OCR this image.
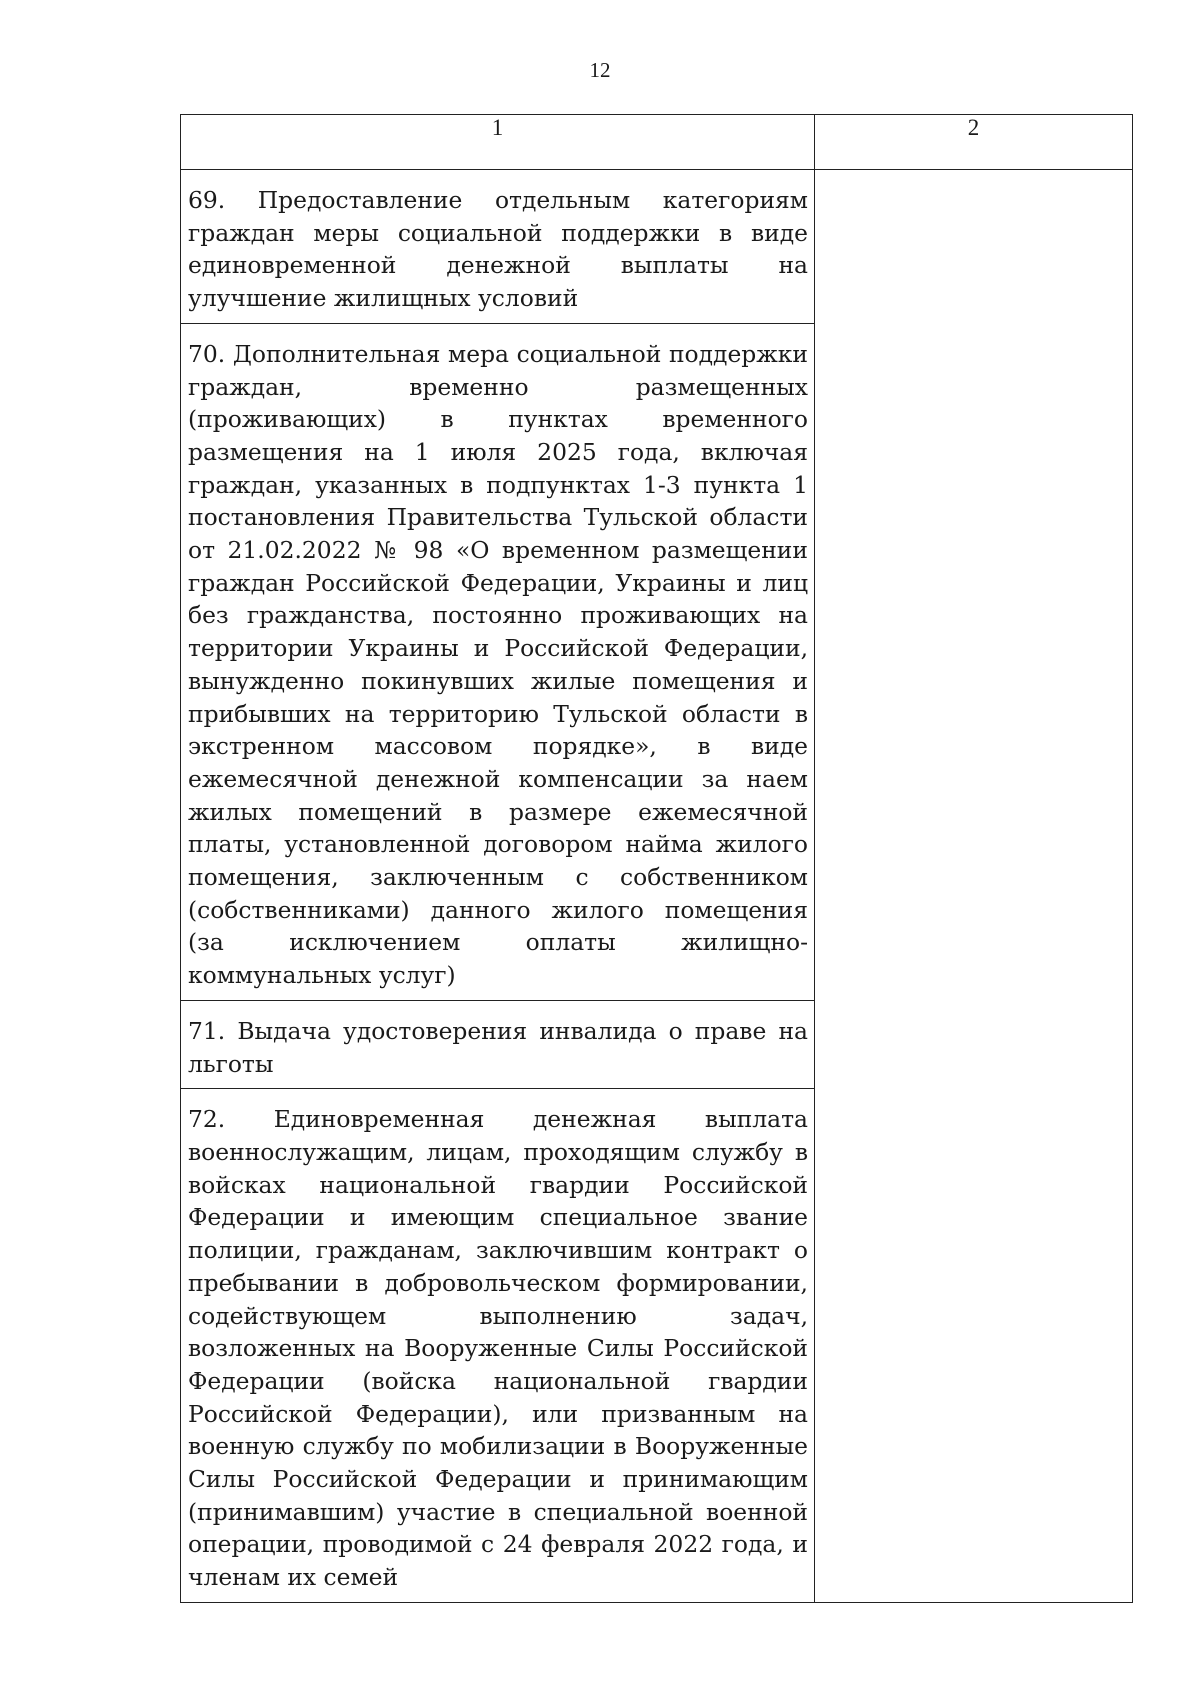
12
1	2
69. Предоставление отдельным категориям граждан меры социальной поддержки в виде единовременной денежной выплаты на улучшение жилищных условий	
70. Дополнительная мера социальной поддержки граждан, временно размещенных (проживающих) в пунктах временного размещения на 1 июля 2025 года, включая граждан, указанных в подпунктах 1-3 пункта 1 постановления Правительства Тульской области от 21.02.2022 № 98 «О временном размещении граждан Российской Федерации, Украины и лиц без гражданства, постоянно проживающих на территории Украины и Российской Федерации, вынужденно покинувших жилые помещения и прибывших на территорию Тульской области в экстренном массовом порядке», в виде ежемесячной денежной компенсации за наем жилых помещений в размере ежемесячной платы, установленной договором найма жилого помещения, заключенным с собственником (собственниками) данного жилого помещения (за исключением оплаты жилищно-коммунальных услуг)	
71. Выдача удостоверения инвалида о праве на льготы	
72. Единовременная денежная выплата военнослужащим, лицам, проходящим службу в войсках национальной гвардии Российской Федерации и имеющим специальное звание полиции, гражданам, заключившим контракт о пребывании в добровольческом формировании, содействующем выполнению задач, возложенных на Вооруженные Силы Российской Федерации (войска национальной гвардии Российской Федерации), или призванным на военную службу по мобилизации в Вооруженные Силы Российской Федерации и принимающим (принимавшим) участие в специальной военной операции, проводимой с 24 февраля 2022 года, и членам их семей	
